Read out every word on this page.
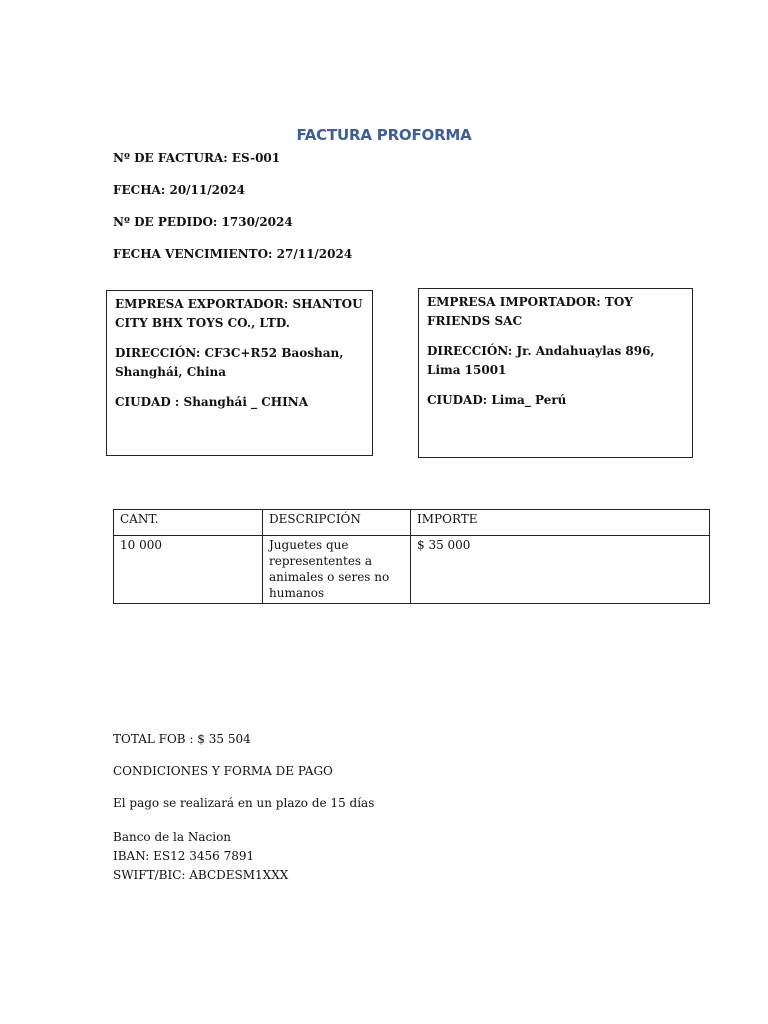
FACTURA PROFORMA
Nº DE FACTURA: ES-001
FECHA: 20/11/2024
Nº DE PEDIDO: 1730/2024
FECHA VENCIMIENTO: 27/11/2024

EMPRESA EXPORTADOR: SHANTOU CITY BHX TOYS CO., LTD.

DIRECCIÓN: CF3C+R52 Baoshan, Shanghái, China

CIUDAD : Shanghái _ CHINA

EMPRESA IMPORTADOR: TOY FRIENDS SAC

DIRECCIÓN: Jr. Andahuaylas 896, Lima 15001

CIUDAD: Lima_ Perú

CANT.	DESCRIPCIÓN	IMPORTE
10 000	Juguetes que represententes a animales o seres no humanos	$ 35 000
TOTAL FOB : $ 35 504
CONDICIONES Y FORMA DE PAGO
El pago se realizará en un plazo de 15 días
Banco de la Nacion
IBAN: ES12 3456 7891
SWIFT/BIC: ABCDESM1XXX
